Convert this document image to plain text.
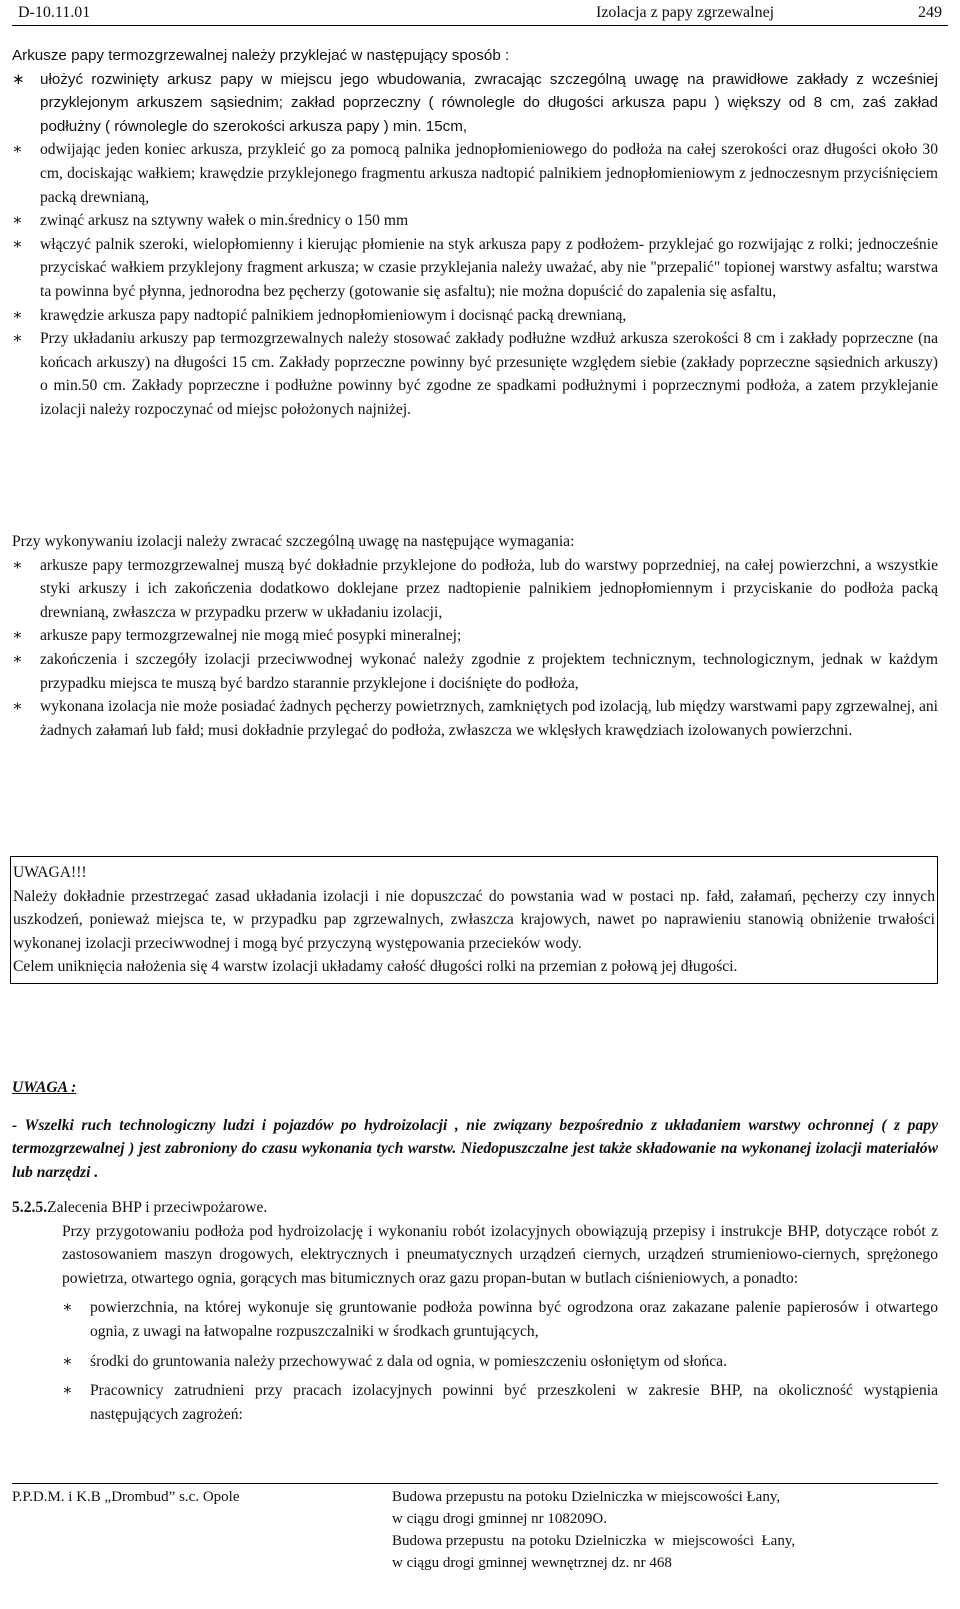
D-10.11.01	Izolacja z papy zgrzewalnej	249
Arkusze papy termozgrzewalnej należy przyklejać w następujący sposób :
∗ ułożyć rozwinięty arkusz papy w miejscu jego wbudowania, zwracając szczególną uwagę na prawidłowe zakłady z wcześniej przyklejonym arkuszem sąsiednim; zakład poprzeczny ( równolegle do długości arkusza papu ) większy od 8 cm, zaś zakład podłużny ( równolegle do szerokości arkusza papy ) min. 15cm,
∗ odwijając jeden koniec arkusza, przykleić go za pomocą palnika jednopłomieniowego do podłoża na całej szerokości oraz długości około 30 cm, dociskając wałkiem; krawędzie przyklejonego fragmentu arkusza nadtopić palnikiem jednopłomieniowym z jednoczesnym przyciśnięciem packą drewnianą,
∗ zwinąć arkusz na sztywny wałek o min.średnicy o 150 mm
∗ włączyć palnik szeroki, wielopłomienny i kierując płomienie na styk arkusza papy z podłożem- przyklejać go rozwijając z rolki; jednocześnie przyciskać wałkiem przyklejony fragment arkusza; w czasie przyklejania należy uważać, aby nie "przepalić" topionej warstwy asfaltu; warstwa ta powinna być płynna, jednorodna bez pęcherzy (gotowanie się asfaltu); nie można dopuścić do zapalenia się asfaltu,
∗ krawędzie arkusza papy nadtopić palnikiem jednopłomieniowym i docisnąć packą drewnianą,
∗ Przy układaniu arkuszy pap termozgrzewalnych należy stosować zakłady podłużne wzdłuż arkusza szerokości 8 cm i zakłady poprzeczne (na końcach arkuszy) na długości 15 cm. Zakłady poprzeczne powinny być przesunięte względem siebie (zakłady poprzeczne sąsiednich arkuszy) o min.50 cm. Zakłady poprzeczne i podłużne powinny być zgodne ze spadkami podłużnymi i poprzecznymi podłoża, a zatem przyklejanie izolacji należy rozpoczynać od miejsc położonych najniżej.
Przy wykonywaniu izolacji należy zwracać szczególną uwagę na następujące wymagania:
∗ arkusze papy termozgrzewalnej muszą być dokładnie przyklejone do podłoża, lub do warstwy poprzedniej, na całej powierzchni, a wszystkie styki arkuszy i ich zakończenia dodatkowo doklejane przez nadtopienie palnikiem jednopłomiennym i przyciskanie do podłoża packą drewnianą, zwłaszcza w przypadku przerw w układaniu izolacji,
∗ arkusze papy termozgrzewalnej nie mogą mieć posypki mineralnej;
∗ zakończenia i szczegóły izolacji przeciwwodnej wykonać należy zgodnie z projektem technicznym, technologicznym, jednak w każdym przypadku miejsca te muszą być bardzo starannie przyklejone i dociśnięte do podłoża,
∗ wykonana izolacja nie może posiadać żadnych pęcherzy powietrznych, zamkniętych pod izolacją, lub między warstwami papy zgrzewalnej, ani żadnych załamań lub fałd; musi dokładnie przylegać do podłoża, zwłaszcza we wklęsłych krawędziach izolowanych powierzchni.
UWAGA!!!
Należy dokładnie przestrzegać zasad układania izolacji i nie dopuszczać do powstania wad w postaci np. fałd, załamań, pęcherzy czy innych uszkodzeń, ponieważ miejsca te, w przypadku pap zgrzewalnych, zwłaszcza krajowych, nawet po naprawieniu stanowią obniżenie trwałości wykonanej izolacji przeciwwodnej i mogą być przyczyną występowania przecieków wody.
Celem uniknięcia nałożenia się 4 warstw izolacji układamy całość długości rolki na przemian z połową jej długości.
UWAGA :
- Wszelki ruch technologiczny ludzi i pojazdów po hydroizolacji , nie związany bezpośrednio z układaniem warstwy ochronnej ( z papy termozgrzewalnej ) jest zabroniony do czasu wykonania tych warstw. Niedopuszczalne jest także składowanie na wykonanej izolacji materiałów lub narzędzi .
5.2.5.Zalecenia BHP i przeciwpożarowe.
Przy przygotowaniu podłoża pod hydroizolację i wykonaniu robót izolacyjnych obowiązują przepisy i instrukcje BHP, dotyczące robót z zastosowaniem maszyn drogowych, elektrycznych i pneumatycznych urządzeń ciernych, urządzeń strumieniowo-ciernych, sprężonego powietrza, otwartego ognia, gorących mas bitumicznych oraz gazu propan-butan w butlach ciśnieniowych, a ponadto:
∗ powierzchnia, na której wykonuje się gruntowanie podłoża powinna być ogrodzona oraz zakazane palenie papierosów i otwartego ognia, z uwagi na łatwopalne rozpuszczalniki w środkach gruntujących,
∗ środki do gruntowania należy przechowywać z dala od ognia, w pomieszczeniu osłoniętym od słońca.
∗ Pracownicy zatrudnieni przy pracach izolacyjnych powinni być przeszkoleni w zakresie BHP, na okoliczność wystąpienia następujących zagrożeń:
P.P.D.M. i K.B „Drombud” s.c. Opole	Budowa przepustu na potoku Dzielniczka w miejscowości Łany,
w ciągu drogi gminnej nr 108209O.
Budowa przepustu  na potoku Dzielniczka  w  miejscowości  Łany,
w ciągu drogi gminnej wewnętrznej dz. nr 468
